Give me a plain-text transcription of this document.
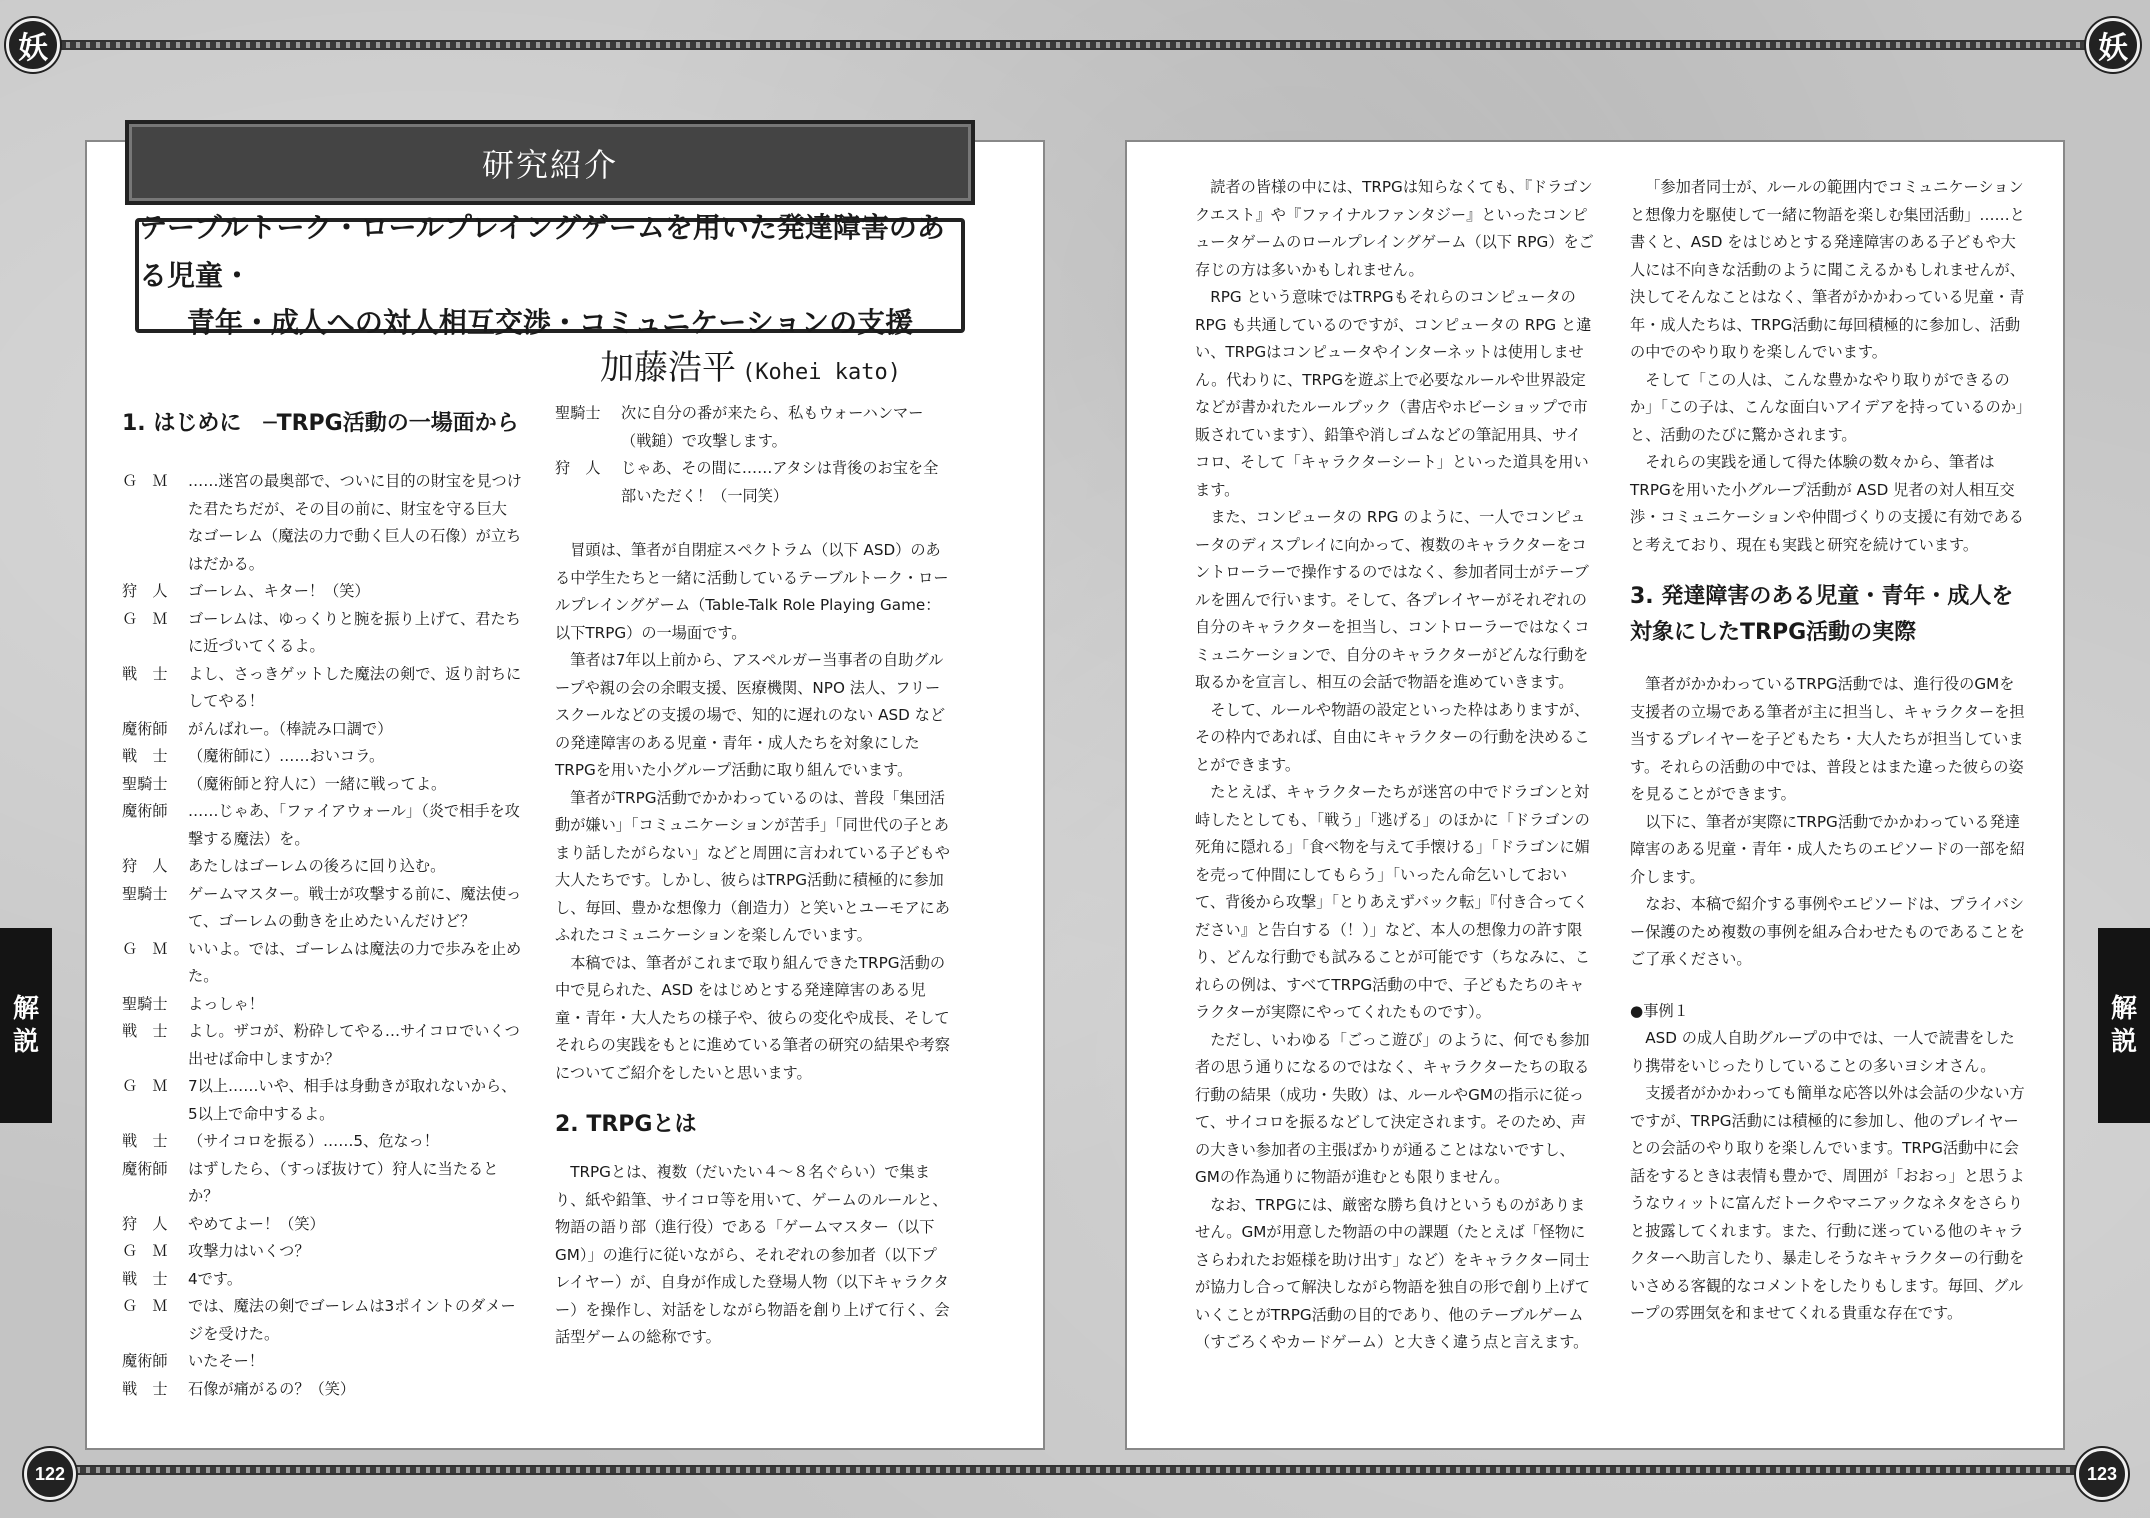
妖	妖
解
説
解
説
122	123
研究紹介
テーブルトーク・ロールプレイングゲームを用いた発達障害のある児童・
青年・成人への対人相互交渉・コミュニケーションの支援
加藤浩平 (Kohei kato)
1. はじめに　─TRPG活動の一場面から
Ｇ　Ｍ	……迷宮の最奥部で、ついに目的の財宝を見つけた君たちだが、その目の前に、財宝を守る巨大なゴーレム（魔法の力で動く巨人の石像）が立ちはだかる。
狩　人	ゴーレム、キター！（笑）
Ｇ　Ｍ	ゴーレムは、ゆっくりと腕を振り上げて、君たちに近づいてくるよ。
戦　士	よし、さっきゲットした魔法の剣で、返り討ちにしてやる！
魔術師	がんばれー。（棒読み口調で）
戦　士	（魔術師に）……おいコラ。
聖騎士	（魔術師と狩人に）一緒に戦ってよ。
魔術師	……じゃあ、「ファイアウォール」（炎で相手を攻撃する魔法）を。
狩　人	あたしはゴーレムの後ろに回り込む。
聖騎士	ゲームマスター。戦士が攻撃する前に、魔法使って、ゴーレムの動きを止めたいんだけど？
Ｇ　Ｍ	いいよ。では、ゴーレムは魔法の力で歩みを止めた。
聖騎士	よっしゃ！
戦　士	よし。ザコが、粉砕してやる…サイコロでいくつ出せば命中しますか？
Ｇ　Ｍ	7以上……いや、相手は身動きが取れないから、5以上で命中するよ。
戦　士	（サイコロを振る）……5、危なっ！
魔術師	はずしたら、（すっぽ抜けて）狩人に当たるとか？
狩　人	やめてよー！（笑）
Ｇ　Ｍ	攻撃力はいくつ？
戦　士	4です。
Ｇ　Ｍ	では、魔法の剣でゴーレムは3ポイントのダメージを受けた。
魔術師	いたそー！
戦　士	石像が痛がるの？（笑）
聖騎士	次に自分の番が来たら、私もウォーハンマー（戦鎚）で攻撃します。
狩　人	じゃあ、その間に……アタシは背後のお宝を全部いただく！（一同笑）

冒頭は、筆者が自閉症スペクトラム（以下 ASD）のある中学生たちと一緒に活動しているテーブルトーク・ロールプレイングゲーム（Table-Talk Role Playing Game：以下TRPG）の一場面です。

筆者は7年以上前から、アスペルガー当事者の自助グループや親の会の余暇支援、医療機関、NPO 法人、フリースクールなどの支援の場で、知的に遅れのない ASD などの発達障害のある児童・青年・成人たちを対象にしたTRPGを用いた小グループ活動に取り組んでいます。

筆者がTRPG活動でかかわっているのは、普段「集団活動が嫌い」「コミュニケーションが苦手」「同世代の子とあまり話したがらない」などと周囲に言われている子どもや大人たちです。しかし、彼らはTRPG活動に積極的に参加し、毎回、豊かな想像力（創造力）と笑いとユーモアにあふれたコミュニケーションを楽しんでいます。

本稿では、筆者がこれまで取り組んできたTRPG活動の中で見られた、ASD をはじめとする発達障害のある児童・青年・大人たちの様子や、彼らの変化や成長、そしてそれらの実践をもとに進めている筆者の研究の結果や考察についてご紹介をしたいと思います。

2. TRPGとは

TRPGとは、複数（だいたい４～８名ぐらい）で集まり、紙や鉛筆、サイコロ等を用いて、ゲームのルールと、物語の語り部（進行役）である「ゲームマスター（以下GM）」の進行に従いながら、それぞれの参加者（以下プレイヤー）が、自身が作成した登場人物（以下キャラクター）を操作し、対話をしながら物語を創り上げて行く、会話型ゲームの総称です。

読者の皆様の中には、TRPGは知らなくても、『ドラゴンクエスト』や『ファイナルファンタジー』といったコンピュータゲームのロールプレイングゲーム（以下 RPG）をご存じの方は多いかもしれません。

RPG という意味ではTRPGもそれらのコンピュータの RPG も共通しているのですが、コンピュータの RPG と違い、TRPGはコンピュータやインターネットは使用しません。代わりに、TRPGを遊ぶ上で必要なルールや世界設定などが書かれたルールブック（書店やホビーショップで市販されています）、鉛筆や消しゴムなどの筆記用具、サイコロ、そして「キャラクターシート」といった道具を用います。

また、コンピュータの RPG のように、一人でコンピュータのディスプレイに向かって、複数のキャラクターをコントローラーで操作するのではなく、参加者同士がテーブルを囲んで行います。そして、各プレイヤーがそれぞれの自分のキャラクターを担当し、コントローラーではなくコミュニケーションで、自分のキャラクターがどんな行動を取るかを宣言し、相互の会話で物語を進めていきます。

そして、ルールや物語の設定といった枠はありますが、その枠内であれば、自由にキャラクターの行動を決めることができます。

たとえば、キャラクターたちが迷宮の中でドラゴンと対峙したとしても、「戦う」「逃げる」のほかに「ドラゴンの死角に隠れる」「食べ物を与えて手懐ける」「ドラゴンに媚を売って仲間にしてもらう」「いったん命乞いしておいて、背後から攻撃」「とりあえずバック転」『付き合ってください』と告白する（！）」など、本人の想像力の許す限り、どんな行動でも試みることが可能です（ちなみに、これらの例は、すべてTRPG活動の中で、子どもたちのキャラクターが実際にやってくれたものです）。

ただし、いわゆる「ごっこ遊び」のように、何でも参加者の思う通りになるのではなく、キャラクターたちの取る行動の結果（成功・失敗）は、ルールやGMの指示に従って、サイコロを振るなどして決定されます。そのため、声の大きい参加者の主張ばかりが通ることはないですし、GMの作為通りに物語が進むとも限りません。

なお、TRPGには、厳密な勝ち負けというものがありません。GMが用意した物語の中の課題（たとえば「怪物にさらわれたお姫様を助け出す」など）をキャラクター同士が協力し合って解決しながら物語を独自の形で創り上げていくことがTRPG活動の目的であり、他のテーブルゲーム（すごろくやカードゲーム）と大きく違う点と言えます。

「参加者同士が、ルールの範囲内でコミュニケーションと想像力を駆使して一緒に物語を楽しむ集団活動」……と書くと、ASD をはじめとする発達障害のある子どもや大人には不向きな活動のように聞こえるかもしれませんが、決してそんなことはなく、筆者がかかわっている児童・青年・成人たちは、TRPG活動に毎回積極的に参加し、活動の中でのやり取りを楽しんでいます。

そして「この人は、こんな豊かなやり取りができるのか」「この子は、こんな面白いアイデアを持っているのか」と、活動のたびに驚かされます。

それらの実践を通して得た体験の数々から、筆者はTRPGを用いた小グループ活動が ASD 児者の対人相互交渉・コミュニケーションや仲間づくりの支援に有効であると考えており、現在も実践と研究を続けています。

3. 発達障害のある児童・青年・成人を対象にしたTRPG活動の実際

筆者がかかわっているTRPG活動では、進行役のGMを支援者の立場である筆者が主に担当し、キャラクターを担当するプレイヤーを子どもたち・大人たちが担当しています。それらの活動の中では、普段とはまた違った彼らの姿を見ることができます。

以下に、筆者が実際にTRPG活動でかかわっている発達障害のある児童・青年・成人たちのエピソードの一部を紹介します。

なお、本稿で紹介する事例やエピソードは、プライバシー保護のため複数の事例を組み合わせたものであることをご了承ください。

●事例１

ASD の成人自助グループの中では、一人で読書をしたり携帯をいじったりしていることの多いヨシオさん。

支援者がかかわっても簡単な応答以外は会話の少ない方ですが、TRPG活動には積極的に参加し、他のプレイヤーとの会話のやり取りを楽しんでいます。TRPG活動中に会話をするときは表情も豊かで、周囲が「おおっ」と思うようなウィットに富んだトークやマニアックなネタをさらりと披露してくれます。また、行動に迷っている他のキャラクターへ助言したり、暴走しそうなキャラクターの行動をいさめる客観的なコメントをしたりもします。毎回、グループの雰囲気を和ませてくれる貴重な存在です。
